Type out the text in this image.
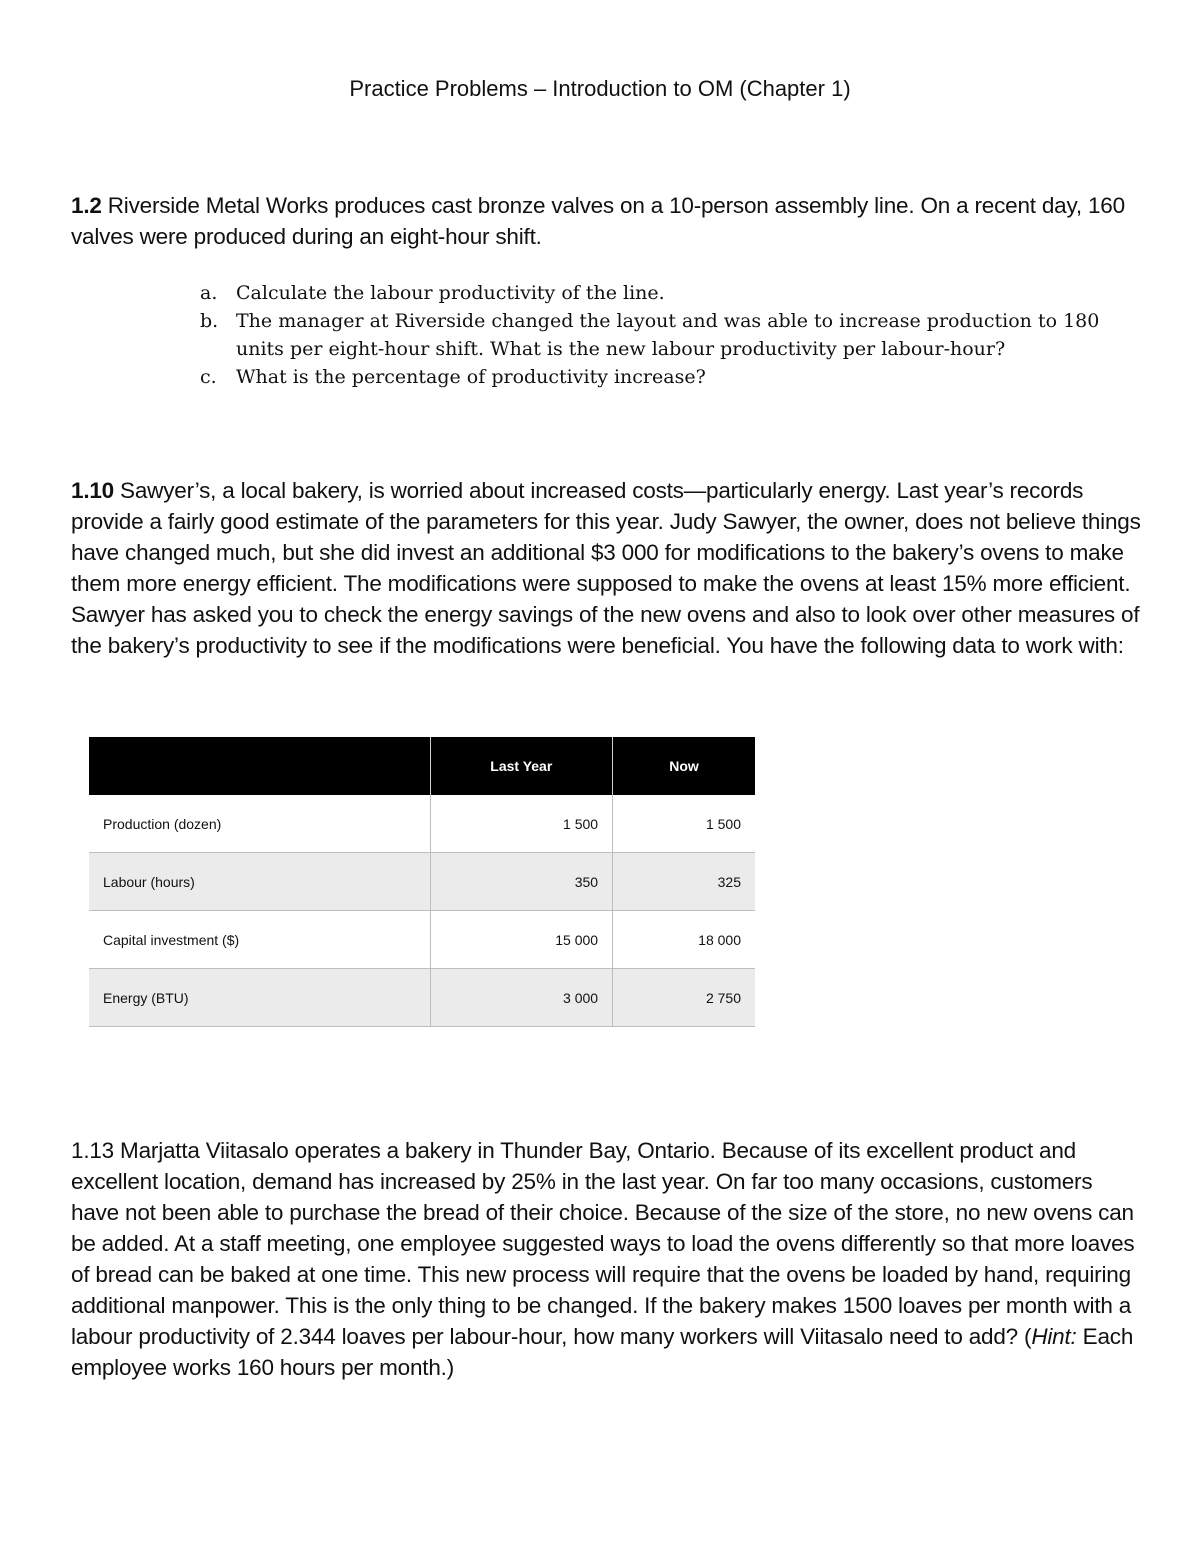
Practice Problems – Introduction to OM (Chapter 1)
1.2 Riverside Metal Works produces cast bronze valves on a 10-person assembly line. On a recent day, 160 valves were produced during an eight-hour shift.
a. Calculate the labour productivity of the line.
b. The manager at Riverside changed the layout and was able to increase production to 180 units per eight-hour shift. What is the new labour productivity per labour-hour?
c. What is the percentage of productivity increase?
1.10 Sawyer’s, a local bakery, is worried about increased costs—particularly energy. Last year’s records provide a fairly good estimate of the parameters for this year. Judy Sawyer, the owner, does not believe things have changed much, but she did invest an additional $3 000 for modifications to the bakery’s ovens to make them more energy efficient. The modifications were supposed to make the ovens at least 15% more efficient. Sawyer has asked you to check the energy savings of the new ovens and also to look over other measures of the bakery’s productivity to see if the modifications were beneficial. You have the following data to work with:
	Last Year	Now
Production (dozen)	1 500	1 500
Labour (hours)	350	325
Capital investment ($)	15 000	18 000
Energy (BTU)	3 000	2 750
1.13 Marjatta Viitasalo operates a bakery in Thunder Bay, Ontario. Because of its excellent product and excellent location, demand has increased by 25% in the last year. On far too many occasions, customers have not been able to purchase the bread of their choice. Because of the size of the store, no new ovens can be added. At a staff meeting, one employee suggested ways to load the ovens differently so that more loaves of bread can be baked at one time. This new process will require that the ovens be loaded by hand, requiring additional manpower. This is the only thing to be changed. If the bakery makes 1500 loaves per month with a labour productivity of 2.344 loaves per labour-hour, how many workers will Viitasalo need to add? (Hint: Each employee works 160 hours per month.)
